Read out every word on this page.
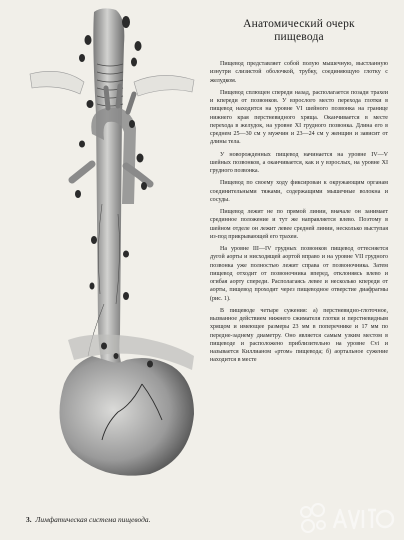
3. Лимфатическая система пищевода.
Анатомический очерк
пищевода

Пищевод представляет собой полую мышечную, выстланную изнутри слизистой оболочкой, трубку, соединяющую глотку с желудком.

Пищевод сплющен спереди назад, располагается позади трахеи и кпереди от позвонков. У взрослого место перехода глотки в пищевод находится на уровне VI шейного позвонка на границе нижнего края перстневидного хряща. Оканчивается в месте перехода в желудок, на уровне XI грудного позвонка. Длина его в среднем 25—30 см у мужчин и 23—24 см у женщин и зависит от длины тела.

У новорожденных пищевод начинается на уровне IV—V шейных позвонков, а оканчивается, как и у взрослых, на уровне XI грудного позвонка.

Пищевод по своему ходу фиксирован к окружающим органам соединительными тяжами, содержащими мышечные волокна и сосуды.

Пищевод лежит не по прямой линии, вначале он занимает срединное положение и тут же направляется влево. Поэтому в шейном отделе он лежит левее средней линии, несколько выступая из-под прикрывающей его трахеи.

На уровне III—IV грудных позвонков пищевод оттесняется дугой аорты и нисходящей аортой вправо и на уровне VII грудного позвонка уже полностью лежит справа от позвоночника. Затем пищевод отходит от позвоночника вперед, отклоняясь влево и огибая аорту спереди. Располагаясь левее и несколько кпереди от аорты, пищевод проходит через пищеводное отверстие диафрагмы (рис. 1).

В пищеводе четыре сужения: а) перстневидно-глоточное, вызванное действием нижнего сжимателя глотки и перстневидным хрящом и имеющее размеры 23 мм в поперечнике и 17 мм по передне-заднему диаметру. Оно является самым узким местом в пищеводе и расположено приблизительно на уровне Cvi и называется Киллианом «ртом» пищевода; б) аортальное сужение находится в месте
